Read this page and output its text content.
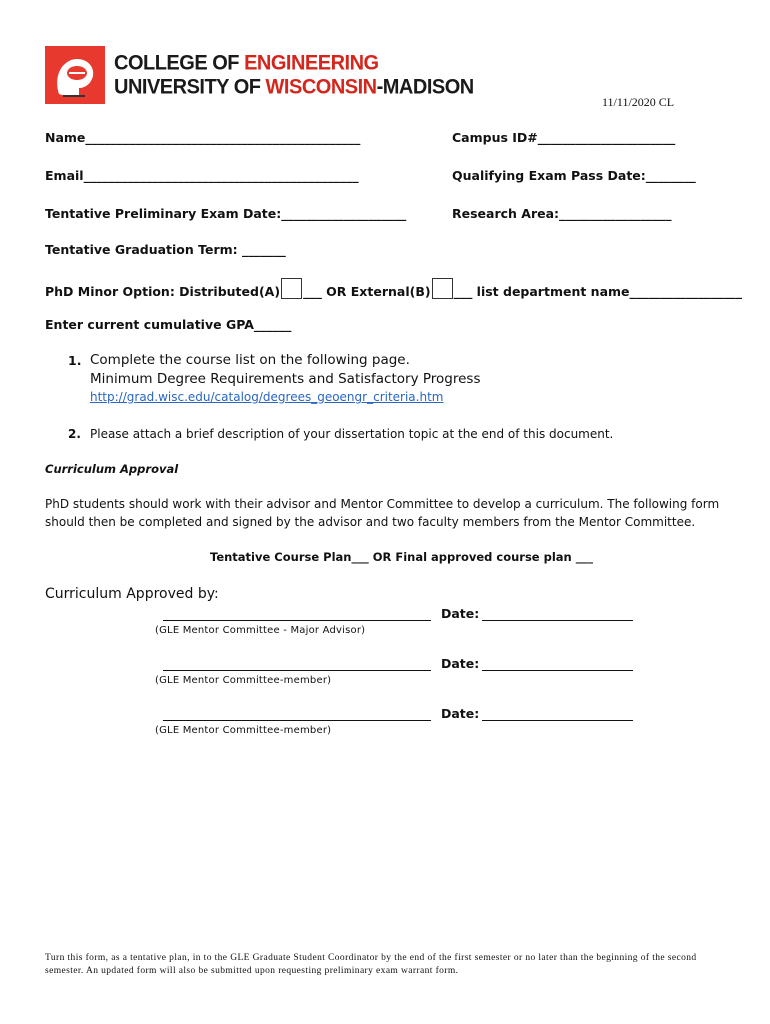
COLLEGE OF ENGINEERING
UNIVERSITY OF WISCONSIN-MADISON
11/11/2020 CL
Name____________________________________________	Campus ID#______________________
Email____________________________________________	Qualifying Exam Pass Date:________
Tentative Preliminary Exam Date:____________________	Research Area:__________________
Tentative Graduation Term: _______
PhD Minor Option: Distributed(A) ___ OR External(B) ___ list department name__________________
Enter current cumulative GPA______
1. Complete the course list on the following page.
Minimum Degree Requirements and Satisfactory Progress
http://grad.wisc.edu/catalog/degrees_geoengr_criteria.htm
2. Please attach a brief description of your dissertation topic at the end of this document.
Curriculum Approval
PhD students should work with their advisor and Mentor Committee to develop a curriculum. The following form
should then be completed and signed by the advisor and two faculty members from the Mentor Committee.
Tentative Course Plan___ OR Final approved course plan ___
Curriculum Approved by:
Date:
(GLE Mentor Committee - Major Advisor)
Date:
(GLE Mentor Committee-member)
Date:
(GLE Mentor Committee-member)
Turn this form, as a tentative plan, in to the GLE Graduate Student Coordinator by the end of the first semester or no later than the beginning of the second semester. An updated form will also be submitted upon requesting preliminary exam warrant form.
